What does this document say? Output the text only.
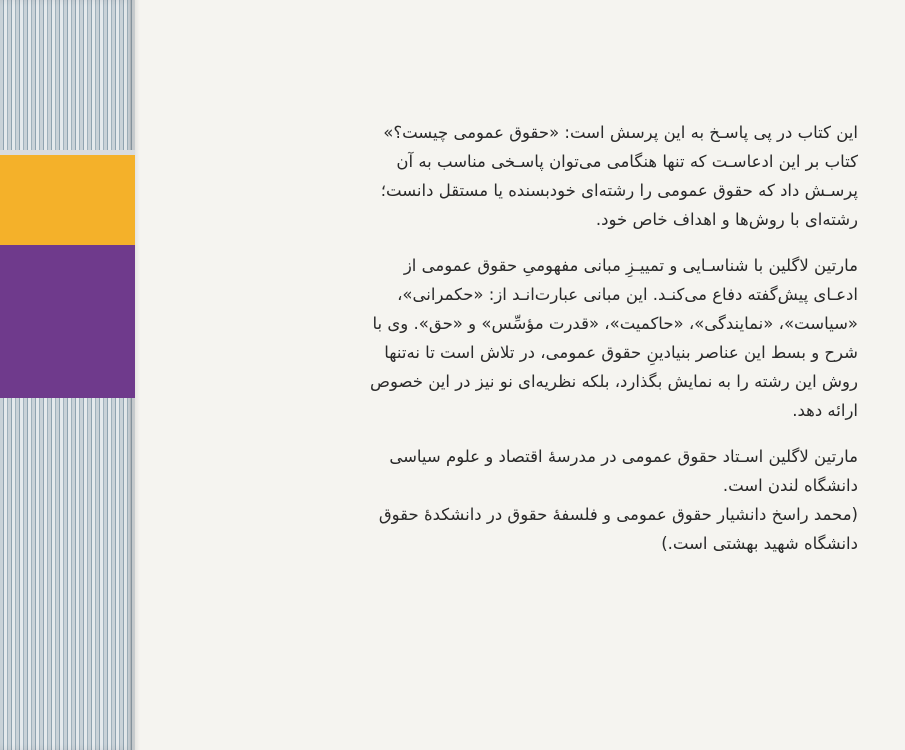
این کتاب در پی پاسـخ به این پرسش است: «حقوق عمومی چیست؟»
کتاب بر این ادعاسـت که تنها هنگامی می‌توان پاسـخی مناسب به آن
پرسـش داد که حقوق عمومی را رشته‌ای خودبسنده یا مستقل دانست؛
رشته‌ای با روش‌ها و اهداف خاص خود.

مارتین لاگلین با شناسـایی و تمییـزِ مبانی مفهومیِ حقوق عمومی از
ادعـای پیش‌گفته دفاع می‌کنـد. این مبانی عبارت‌انـد از: «حکمرانی»،
«سیاست»، «نمایندگی»، «حاکمیت»، «قدرت مؤسِّس» و «حق». وی با
شرح و بسط این عناصر بنیادینِ حقوق عمومی، در تلاش است تا نه‌تنها
روش این رشته را به نمایش بگذارد، بلکه نظریه‌ای نو نیز در این خصوص
ارائه دهد.

مارتین لاگلین اسـتاد حقوق عمومی در مدرسهٔ اقتصاد و علوم سیاسی
دانشگاه لندن است.
(محمد راسخ دانشیار حقوق عمومی و فلسفهٔ حقوق در دانشکدهٔ حقوق
دانشگاه شهید بهشتی است.)
